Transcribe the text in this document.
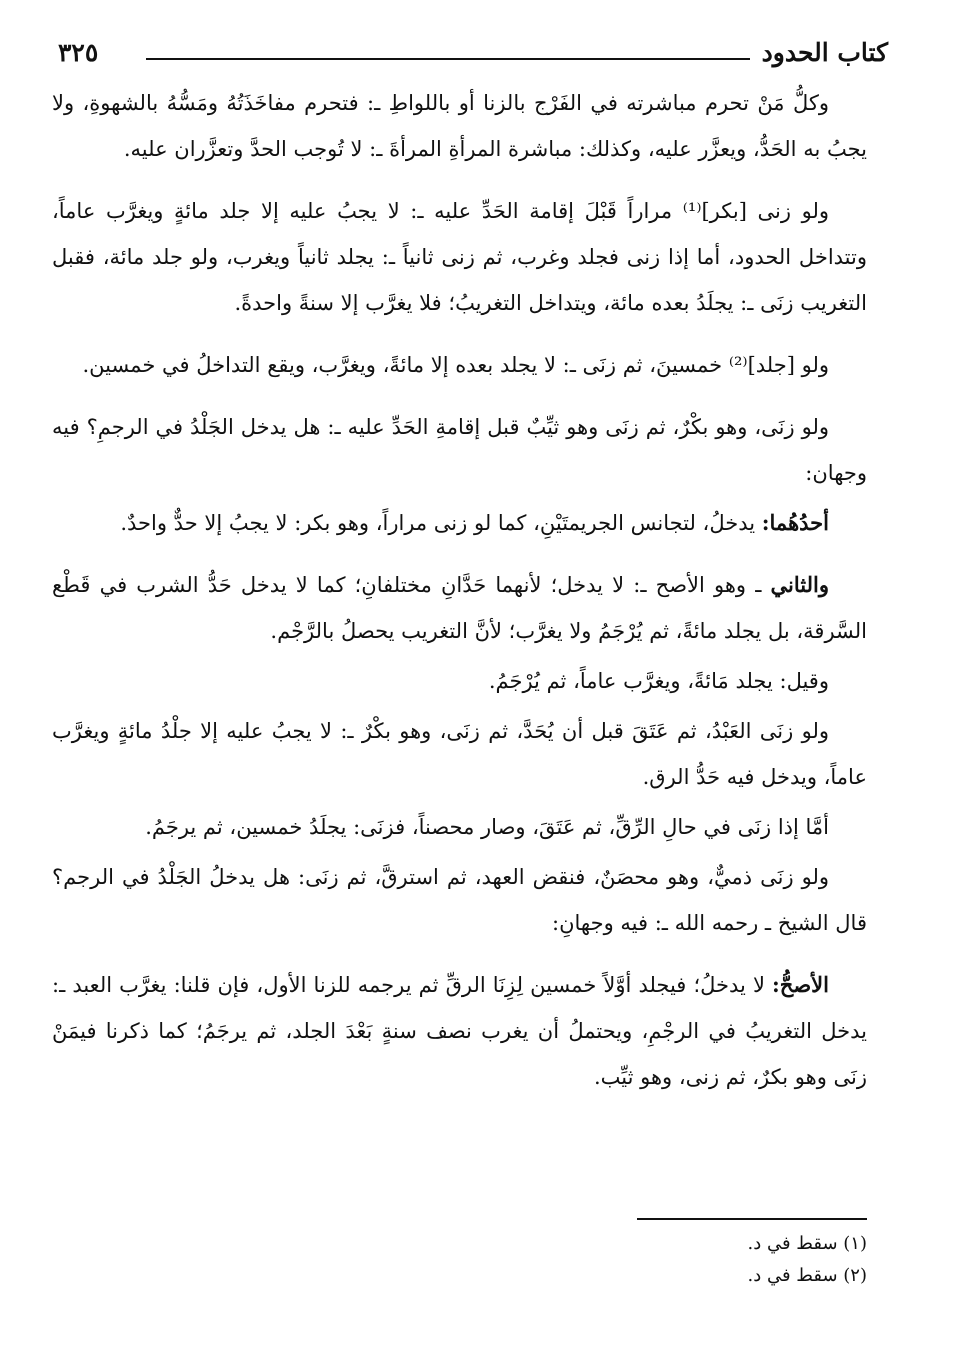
كتاب الحدود
٣٢٥

وكلُّ مَنْ تحرم مباشرته في الفَرْج بالزنا أو باللواطِ ـ: فتحرم مفاخَذَتُهُ ومَسُّهُ بالشهوةِ، ولا يجبُ به الحَدُّ، ويعزَّر عليه، وكذلك: مباشرة المرأةِ المرأةَ ـ: لا تُوجب الحدَّ وتعزَّران عليه.

ولو زنى [بكر]⁽¹⁾ مراراً قَبْلَ إقامة الحَدِّ عليه ـ: لا يجبُ عليه إلا جلد مائةٍ ويغرَّب عاماً، وتتداخل الحدود، أما إذا زنى فجلد وغرب، ثم زنى ثانياً ـ: يجلد ثانياً ويغرب، ولو جلد مائة، فقبل التغريب زنَى ـ: يجلَدُ بعده مائة، ويتداخل التغريبُ؛ فلا يغرَّب إلا سنةً واحدةً.

ولو [جلد]⁽²⁾ خمسينَ، ثم زنَى ـ: لا يجلد بعده إلا مائةً، ويغرَّب، ويقع التداخلُ في خمسين.

ولو زنَى، وهو بكْرٌ، ثم زنَى وهو ثيِّبٌ قبل إقامةِ الحَدِّ عليه ـ: هل يدخل الجَلْدُ في الرجمِ؟ فيه وجهان:

أحدُهُما: يدخلُ، لتجانس الجريمتَيْنِ، كما لو زنى مراراً، وهو بكر: لا يجبُ إلا حدٌّ واحدٌ.

والثاني ـ وهو الأصح ـ: لا يدخل؛ لأنهما حَدَّانِ مختلفانِ؛ كما لا يدخل حَدُّ الشرب في قَطْع السَّرقة، بل يجلد مائةً، ثم يُرْجَمُ ولا يغرَّب؛ لأنَّ التغريب يحصلُ بالرَّجْم.

وقيل: يجلد مَائةً، ويغرَّب عاماً، ثم يُرْجَمُ.

ولو زنَى العَبْدُ، ثم عَتَقَ قبل أن يُحَدَّ، ثم زنَى، وهو بكْرٌ ـ: لا يجبُ عليه إلا جلْدُ مائةٍ ويغرَّب عاماً، ويدخل فيه حَدُّ الرق.

أمَّا إذا زنَى في حالِ الرِّقِّ، ثم عَتَقَ، وصار محصناً، فزنَى: يجلَدُ خمسين، ثم يرجَمُ.

ولو زنَى ذميٌّ، وهو محصَنٌ، فنقض العهد، ثم استرقَّ، ثم زنَى: هل يدخلُ الجَلْدُ في الرجم؟ قال الشيخ ـ رحمه الله ـ: فيه وجهانِ:

الأصحُّ: لا يدخلُ؛ فيجلد أوَّلاً خمسين لِزِنَا الرقِّ ثم يرجمه للزنا الأول، فإن قلنا: يغرَّب العبد ـ: يدخل التغريبُ في الرجْمِ، ويحتملُ أن يغرب نصف سنةٍ بَعْدَ الجلد، ثم يرجَمُ؛ كما ذكرنا فيمَنْ زنَى وهو بكرٌ، ثم زنى، وهو ثيِّب.

(١) سقط في د.

(٢) سقط في د.
